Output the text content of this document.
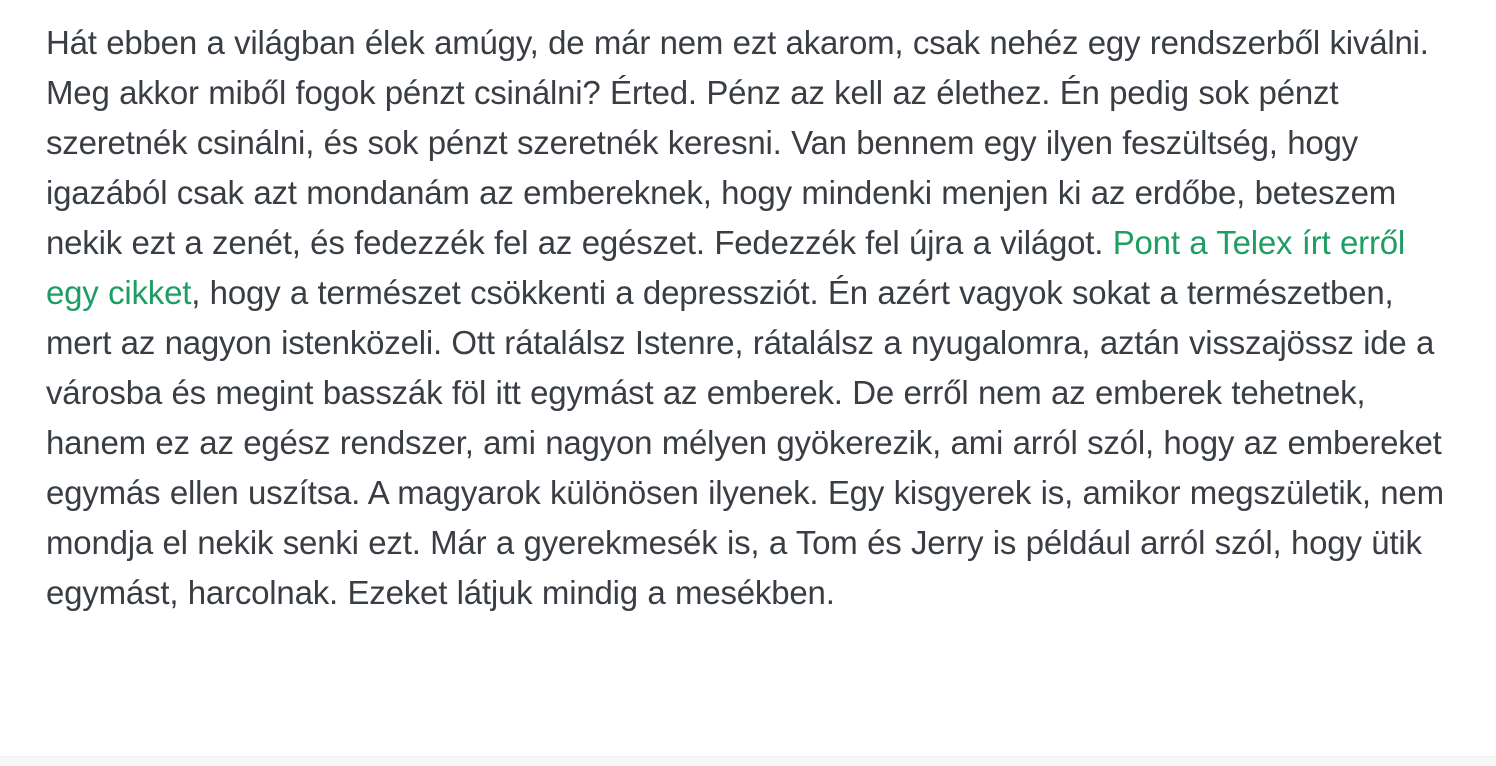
Hát ebben a világban élek amúgy, de már nem ezt akarom, csak nehéz egy rendszerből kiválni. Meg akkor miből fogok pénzt csinálni? Érted. Pénz az kell az élethez. Én pedig sok pénzt szeretnék csinálni, és sok pénzt szeretnék keresni. Van bennem egy ilyen feszültség, hogy igazából csak azt mondanám az embereknek, hogy mindenki menjen ki az erdőbe, beteszem nekik ezt a zenét, és fedezzék fel az egészet. Fedezzék fel újra a világot. Pont a Telex írt erről egy cikket, hogy a természet csökkenti a depressziót. Én azért vagyok sokat a természetben, mert az nagyon istenközeli. Ott rátalálsz Istenre, rátalálsz a nyugalomra, aztán visszajössz ide a városba és megint basszák föl itt egymást az emberek. De erről nem az emberek tehetnek, hanem ez az egész rendszer, ami nagyon mélyen gyökerezik, ami arról szól, hogy az embereket egymás ellen uszítsa. A magyarok különösen ilyenek. Egy kisgyerek is, amikor megszületik, nem mondja el nekik senki ezt. Már a gyerekmesék is, a Tom és Jerry is például arról szól, hogy ütik egymást, harcolnak. Ezeket látjuk mindig a mesékben.
